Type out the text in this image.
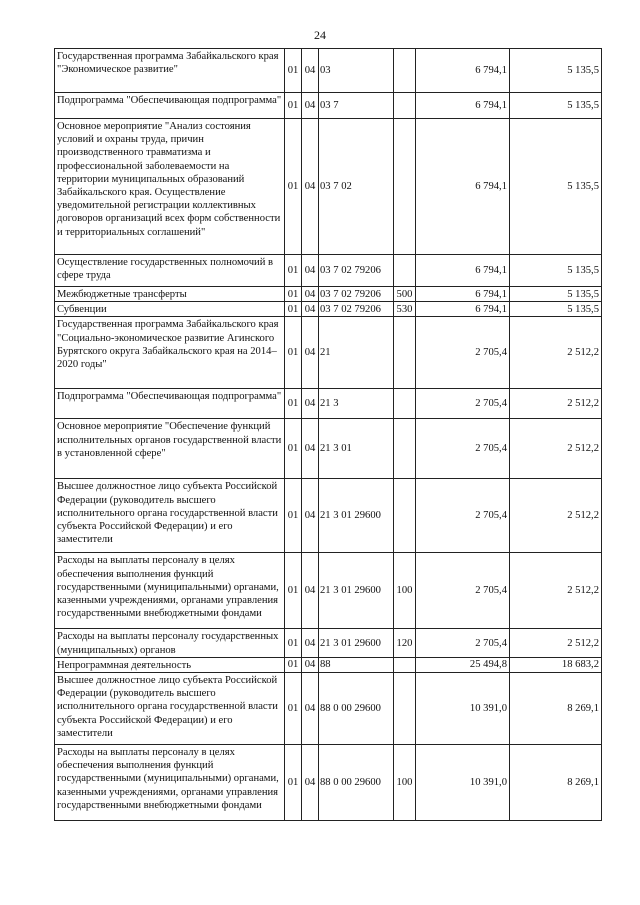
24
Государственная программа Забайкальского края "Экономическое развитие"	01	04	03		6 794,1	5 135,5
Подпрограмма "Обеспечивающая подпрограмма"	01	04	03 7		6 794,1	5 135,5
Основное мероприятие "Анализ состояния условий и охраны труда, причин производственного травматизма и профессиональной заболеваемости на территории муниципальных образований Забайкальского края. Осуществление уведомительной регистрации коллективных договоров организаций всех форм собственности и территориальных соглашений"	01	04	03 7 02		6 794,1	5 135,5
Осуществление государственных полномочий в сфере труда	01	04	03 7 02 79206		6 794,1	5 135,5
Межбюджетные трансферты	01	04	03 7 02 79206	500	6 794,1	5 135,5
Субвенции	01	04	03 7 02 79206	530	6 794,1	5 135,5
Государственная программа Забайкальского края "Социально-экономическое развитие Агинского Бурятского округа Забайкальского края на 2014–2020 годы"	01	04	21		2 705,4	2 512,2
Подпрограмма "Обеспечивающая подпрограмма"	01	04	21 3		2 705,4	2 512,2
Основное мероприятие "Обеспечение функций исполнительных органов государственной власти в установленной сфере"	01	04	21 3 01		2 705,4	2 512,2
Высшее должностное лицо субъекта Российской Федерации (руководитель высшего исполнительного органа государственной власти субъекта Российской Федерации) и его заместители	01	04	21 3 01 29600		2 705,4	2 512,2
Расходы на выплаты персоналу в целях обеспечения выполнения функций государственными (муниципальными) органами, казенными учреждениями, органами управления государственными внебюджетными фондами	01	04	21 3 01 29600	100	2 705,4	2 512,2
Расходы на выплаты персоналу государственных (муниципальных) органов	01	04	21 3 01 29600	120	2 705,4	2 512,2
Непрограммная деятельность	01	04	88		25 494,8	18 683,2
Высшее должностное лицо субъекта Российской Федерации (руководитель высшего исполнительного органа государственной власти субъекта Российской Федерации) и его заместители	01	04	88 0 00 29600		10 391,0	8 269,1
Расходы на выплаты персоналу в целях обеспечения выполнения функций государственными (муниципальными) органами, казенными учреждениями, органами управления государственными внебюджетными фондами	01	04	88 0 00 29600	100	10 391,0	8 269,1
